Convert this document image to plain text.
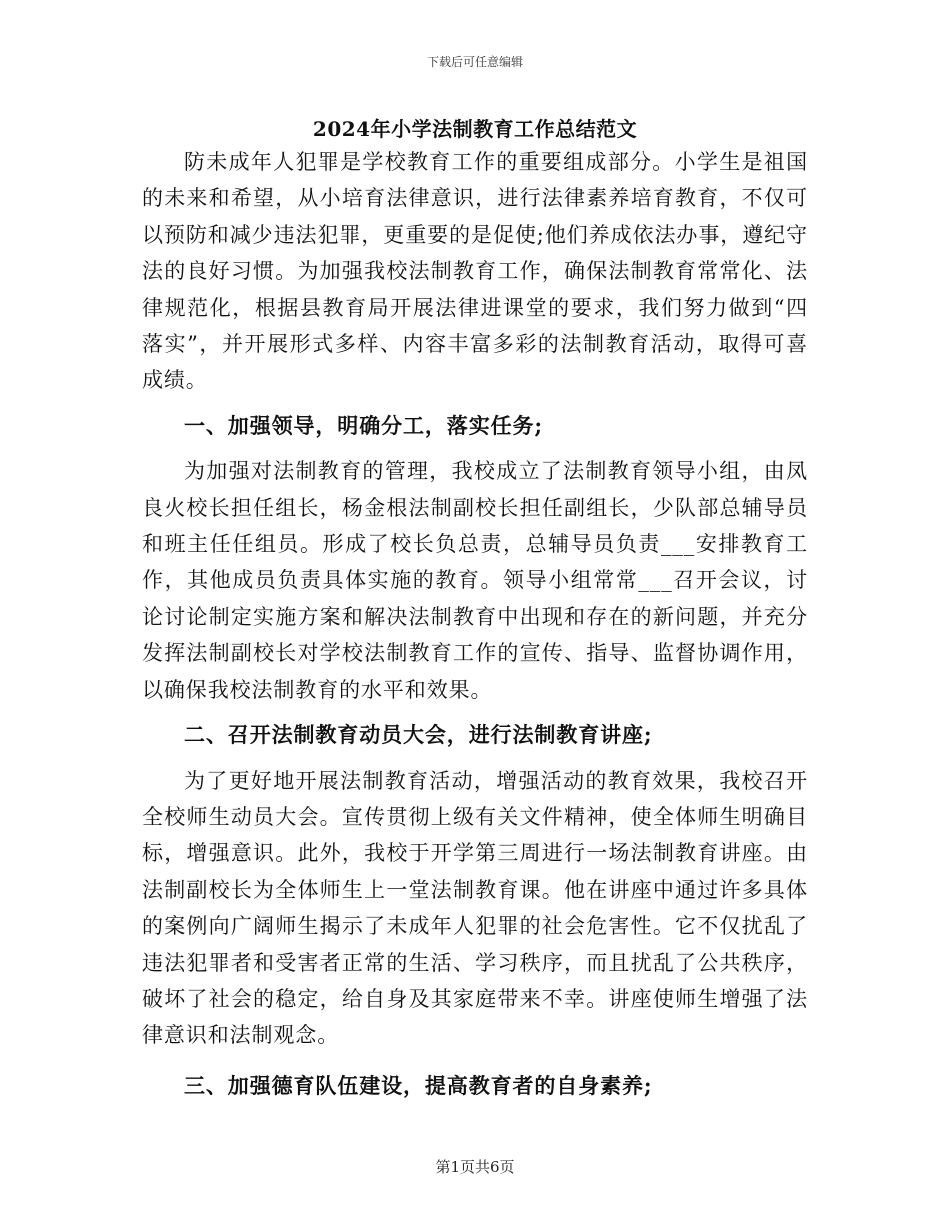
下载后可任意编辑
2024年小学法制教育工作总结范文

防未成年人犯罪是学校教育工作的重要组成部分。小学生是祖国的未来和希望，从小培育法律意识，进行法律素养培育教育，不仅可以预防和减少违法犯罪，更重要的是促使;他们养成依法办事，遵纪守法的良好习惯。为加强我校法制教育工作，确保法制教育常常化、法律规范化，根据县教育局开展法律进课堂的要求，我们努力做到“四落实”，并开展形式多样、内容丰富多彩的法制教育活动，取得可喜成绩。

一、加强领导，明确分工，落实任务;

为加强对法制教育的管理，我校成立了法制教育领导小组，由凤良火校长担任组长，杨金根法制副校长担任副组长，少队部总辅导员和班主任任组员。形成了校长负总责，总辅导员负责___安排教育工作，其他成员负责具体实施的教育。领导小组常常___召开会议，讨论讨论制定实施方案和解决法制教育中出现和存在的新问题，并充分发挥法制副校长对学校法制教育工作的宣传、指导、监督协调作用，以确保我校法制教育的水平和效果。

二、召开法制教育动员大会，进行法制教育讲座;

为了更好地开展法制教育活动，增强活动的教育效果，我校召开全校师生动员大会。宣传贯彻上级有关文件精神，使全体师生明确目标，增强意识。此外，我校于开学第三周进行一场法制教育讲座。由法制副校长为全体师生上一堂法制教育课。他在讲座中通过许多具体的案例向广阔师生揭示了未成年人犯罪的社会危害性。它不仅扰乱了违法犯罪者和受害者正常的生活、学习秩序，而且扰乱了公共秩序，破坏了社会的稳定，给自身及其家庭带来不幸。讲座使师生增强了法律意识和法制观念。

三、加强德育队伍建设，提高教育者的自身素养;

第1页共6页
